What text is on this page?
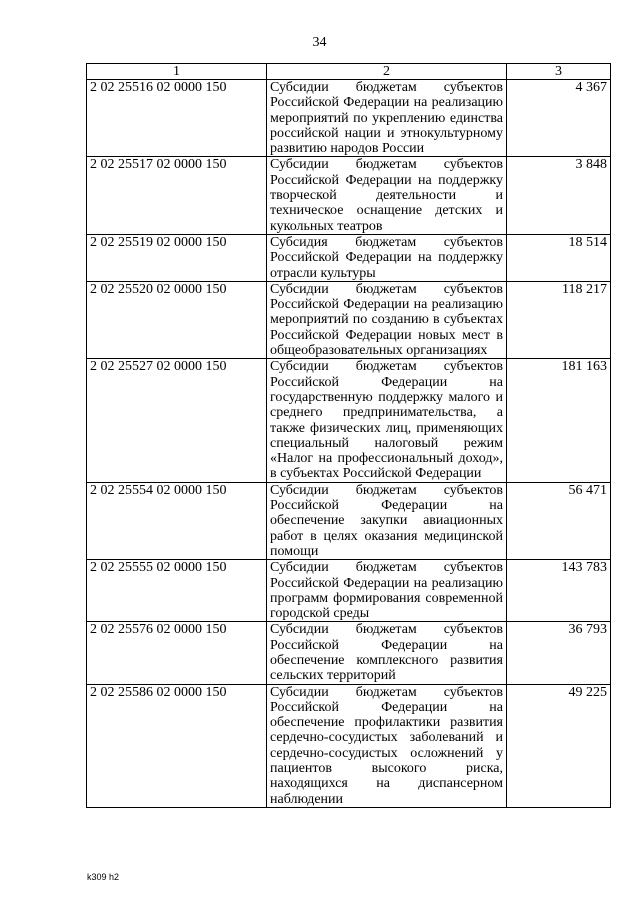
34
1	2	3
2 02 25516 02 0000 150	Субсидии бюджетам субъектов Российской Федерации на реализацию мероприятий по укреплению единства российской нации и этнокультурному развитию народов России	4 367
2 02 25517 02 0000 150	Субсидии бюджетам субъектов Российской Федерации на поддержку творческой деятельности и техническое оснащение детских и кукольных театров	3 848
2 02 25519 02 0000 150	Субсидия бюджетам субъектов Российской Федерации на поддержку отрасли культуры	18 514
2 02 25520 02 0000 150	Субсидии бюджетам субъектов Российской Федерации на реализацию мероприятий по созданию в субъектах Российской Федерации новых мест в общеобразовательных организациях	118 217
2 02 25527 02 0000 150	Субсидии бюджетам субъектов Российской Федерации на государственную поддержку малого и среднего предпринимательства, а также физических лиц, применяющих специальный налоговый режим «Налог на профессиональный доход», в субъектах Российской Федерации	181 163
2 02 25554 02 0000 150	Субсидии бюджетам субъектов Российской Федерации на обеспечение закупки авиационных работ в целях оказания медицинской помощи	56 471
2 02 25555 02 0000 150	Субсидии бюджетам субъектов Российской Федерации на реализацию программ формирования современной городской среды	143 783
2 02 25576 02 0000 150	Субсидии бюджетам субъектов Российской Федерации на обеспечение комплексного развития сельских территорий	36 793
2 02 25586 02 0000 150	Субсидии бюджетам субъектов Российской Федерации на обеспечение профилактики развития сердечно-сосудистых заболеваний и сердечно-сосудистых осложнений у пациентов высокого риска, находящихся на диспансерном наблюдении	49 225
k309 h2
